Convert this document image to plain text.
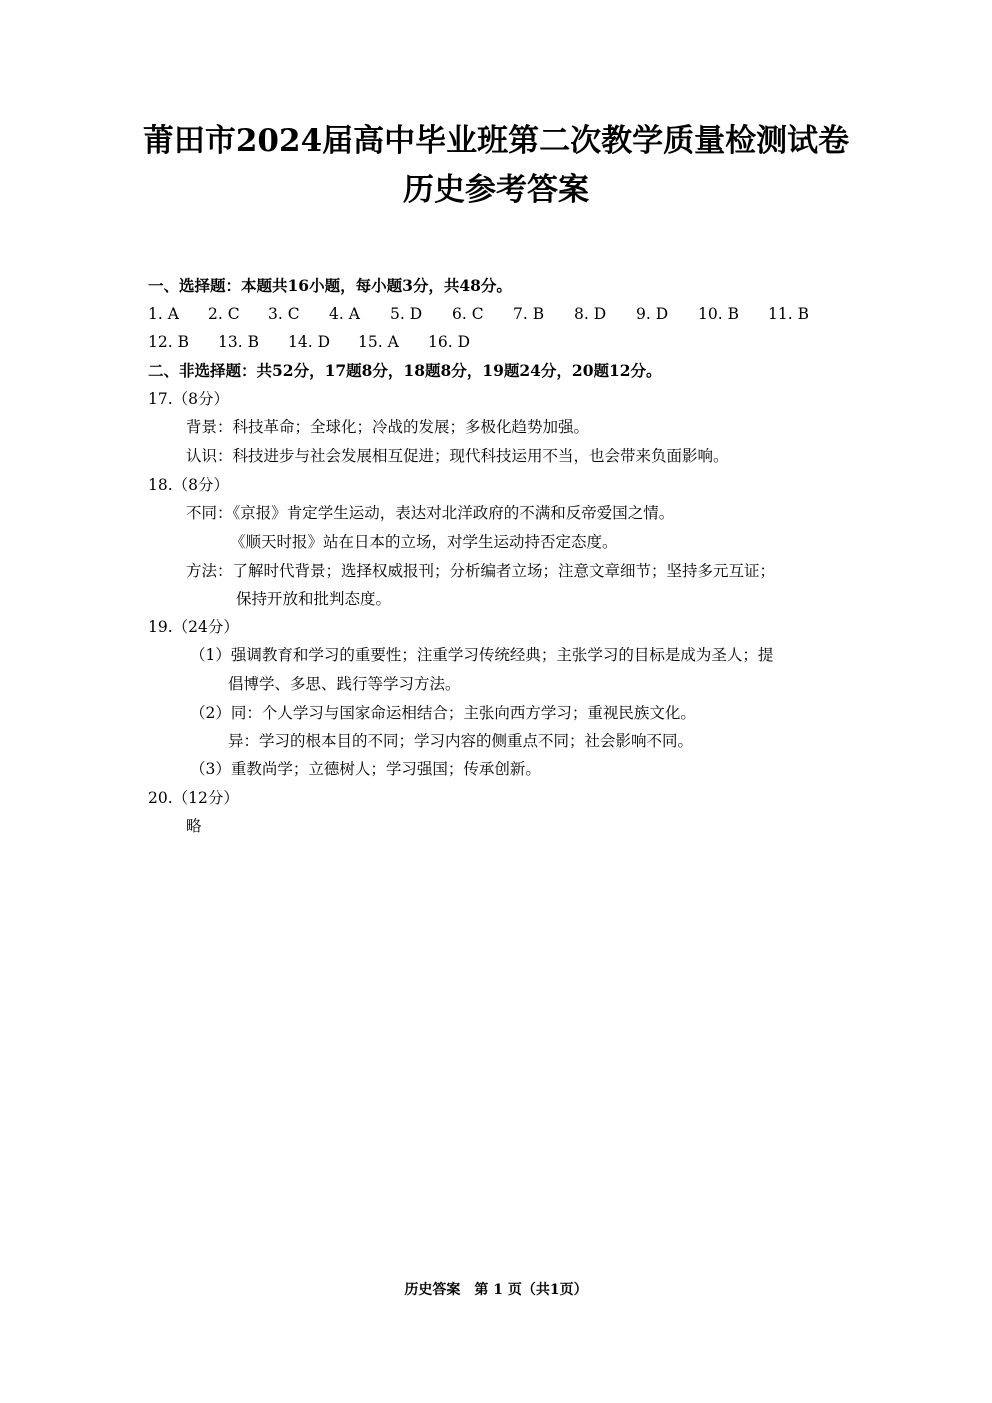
莆田市2024届高中毕业班第二次教学质量检测试卷
历史参考答案
一、选择题：本题共16小题，每小题3分，共48分。
1. A 2. C 3. C 4. A 5. D 6. C 7. B 8. D 9. D 10. B 11. B
12. B 13. B 14. D 15. A 16. D
二、非选择题：共52分，17题8分，18题8分，19题24分，20题12分。
17.（8分）
背景：科技革命；全球化；冷战的发展；多极化趋势加强。
认识：科技进步与社会发展相互促进；现代科技运用不当，也会带来负面影响。
18.（8分）
不同：《京报》肯定学生运动，表达对北洋政府的不满和反帝爱国之情。
《顺天时报》站在日本的立场，对学生运动持否定态度。
方法：了解时代背景；选择权威报刊；分析编者立场；注意文章细节；坚持多元互证；
保持开放和批判态度。
19.（24分）
（1）强调教育和学习的重要性；注重学习传统经典；主张学习的目标是成为圣人；提
倡博学、多思、践行等学习方法。
（2）同：个人学习与国家命运相结合；主张向西方学习；重视民族文化。
异：学习的根本目的不同；学习内容的侧重点不同；社会影响不同。
（3）重教尚学；立德树人；学习强国；传承创新。
20.（12分）
略
历史答案　第 1 页（共1页）
